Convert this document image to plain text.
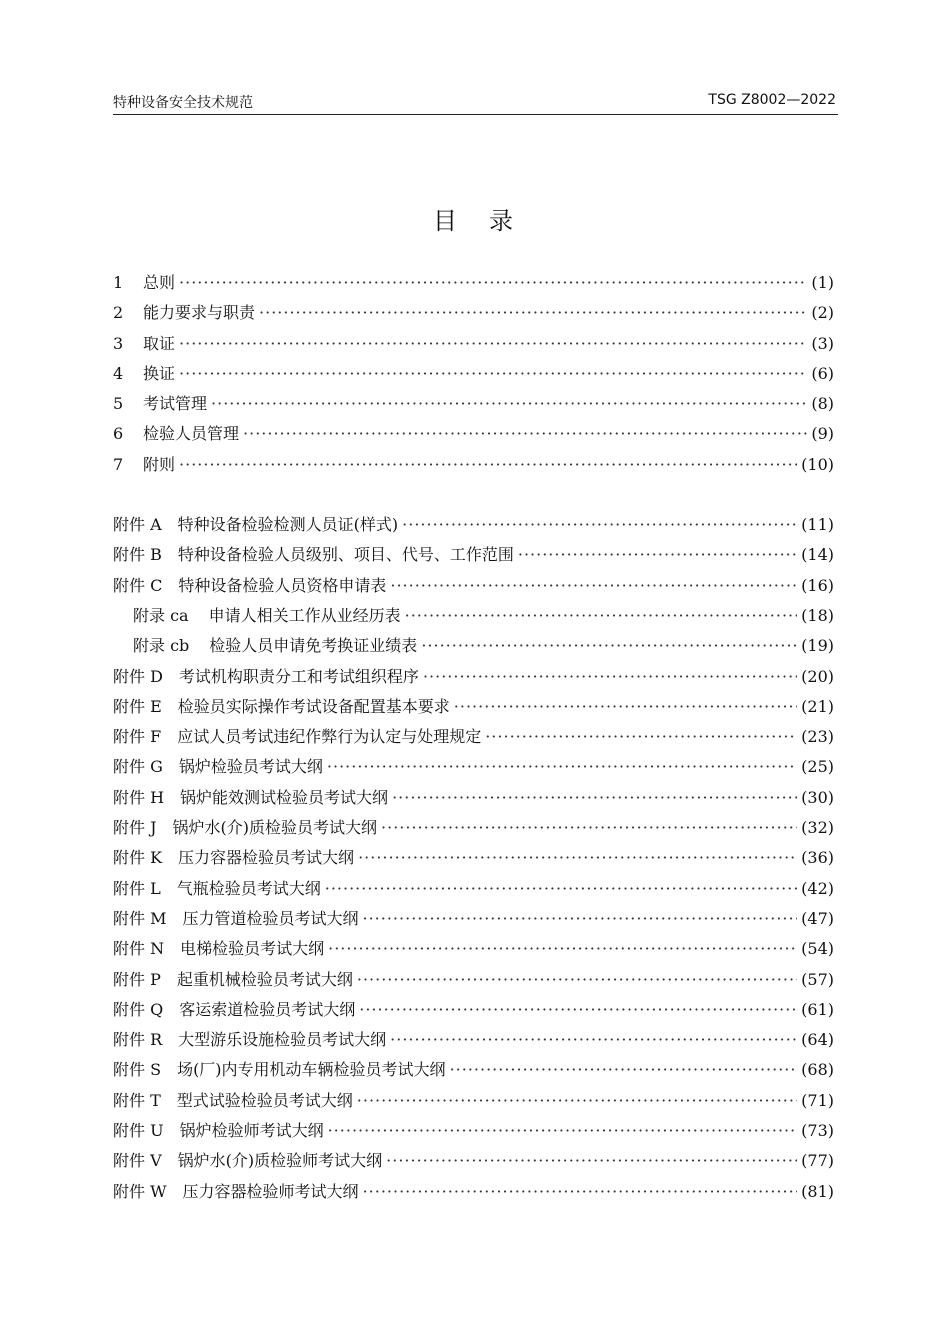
特种设备安全技术规范	TSG Z8002—2022
目　录
1	总则 ·····	(1)
2	能力要求与职责 ·····	(2)
3	取证 ·····	(3)
4	换证 ·····	(6)
5	考试管理 ·····	(8)
6	检验人员管理 ·····	(9)
7	附则 ·····	(10)
附件 A	特种设备检验检测人员证(样式) ·····	(11)
附件 B	特种设备检验人员级别、项目、代号、工作范围 ·····	(14)
附件 C	特种设备检验人员资格申请表 ·····	(16)
附录 ca	申请人相关工作从业经历表 ·····	(18)
附录 cb	检验人员申请免考换证业绩表 ·····	(19)
附件 D	考试机构职责分工和考试组织程序 ·····	(20)
附件 E	检验员实际操作考试设备配置基本要求 ·····	(21)
附件 F	应试人员考试违纪作弊行为认定与处理规定 ·····	(23)
附件 G	锅炉检验员考试大纲 ·····	(25)
附件 H	锅炉能效测试检验员考试大纲 ·····	(30)
附件 J	锅炉水(介)质检验员考试大纲 ·····	(32)
附件 K	压力容器检验员考试大纲 ·····	(36)
附件 L	气瓶检验员考试大纲 ·····	(42)
附件 M	压力管道检验员考试大纲 ·····	(47)
附件 N	电梯检验员考试大纲 ·····	(54)
附件 P	起重机械检验员考试大纲 ·····	(57)
附件 Q	客运索道检验员考试大纲 ·····	(61)
附件 R	大型游乐设施检验员考试大纲 ·····	(64)
附件 S	场(厂)内专用机动车辆检验员考试大纲 ·····	(68)
附件 T	型式试验检验员考试大纲 ·····	(71)
附件 U	锅炉检验师考试大纲 ·····	(73)
附件 V	锅炉水(介)质检验师考试大纲 ·····	(77)
附件 W	压力容器检验师考试大纲 ·····	(81)
